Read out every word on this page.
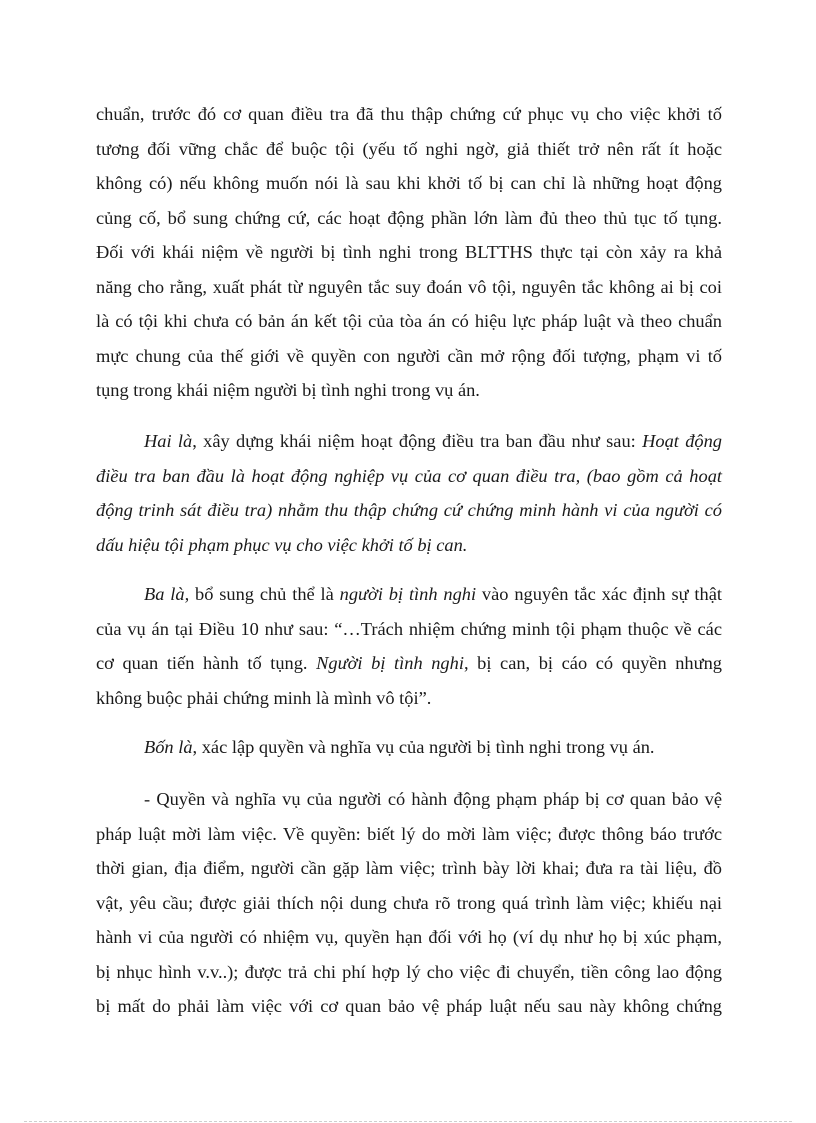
chuẩn, trước đó cơ quan điều tra đã thu thập chứng cứ phục vụ cho việc khởi tố
tương đối vững chắc để buộc tội (yếu tố nghi ngờ, giả thiết trở nên rất ít hoặc
không có) nếu không muốn nói là sau khi khởi tố bị can chỉ là những hoạt động
củng cố, bổ sung chứng cứ, các hoạt động phần lớn làm đủ theo thủ tục tố tụng.
Đối với khái niệm về người bị tình nghi trong BLTTHS thực tại còn xảy ra khả
năng cho rằng, xuất phát từ nguyên tắc suy đoán vô tội, nguyên tắc không ai bị coi
là có tội khi chưa có bản án kết tội của tòa án có hiệu lực pháp luật và theo chuẩn
mực chung của thế giới về quyền con người cần mở rộng đối tượng, phạm vi tố
tụng trong khái niệm người bị tình nghi trong vụ án.
Hai là, xây dựng khái niệm hoạt động điều tra ban đầu như sau: Hoạt động
điều tra ban đầu là hoạt động nghiệp vụ của cơ quan điều tra, (bao gồm cả hoạt
động trinh sát điều tra) nhằm thu thập chứng cứ chứng minh hành vi của người có
dấu hiệu tội phạm phục vụ cho việc khởi tố bị can.
Ba là, bổ sung chủ thể là người bị tình nghi vào nguyên tắc xác định sự thật
của vụ án tại Điều 10 như sau: “…Trách nhiệm chứng minh tội phạm thuộc về các
cơ quan tiến hành tố tụng. Người bị tình nghi, bị can, bị cáo có quyền nhưng
không buộc phải chứng minh là mình vô tội”.
Bốn là, xác lập quyền và nghĩa vụ của người bị tình nghi trong vụ án.
- Quyền và nghĩa vụ của người có hành động phạm pháp bị cơ quan bảo vệ
pháp luật mời làm việc. Về quyền: biết lý do mời làm việc; được thông báo trước
thời gian, địa điểm, người cần gặp làm việc; trình bày lời khai; đưa ra tài liệu, đồ
vật, yêu cầu; được giải thích nội dung chưa rõ trong quá trình làm việc; khiếu nại
hành vi của người có nhiệm vụ, quyền hạn đối với họ (ví dụ như họ bị xúc phạm,
bị nhục hình v.v..); được trả chi phí hợp lý cho việc đi chuyển, tiền công lao động
bị mất do phải làm việc với cơ quan bảo vệ pháp luật nếu sau này không chứng
